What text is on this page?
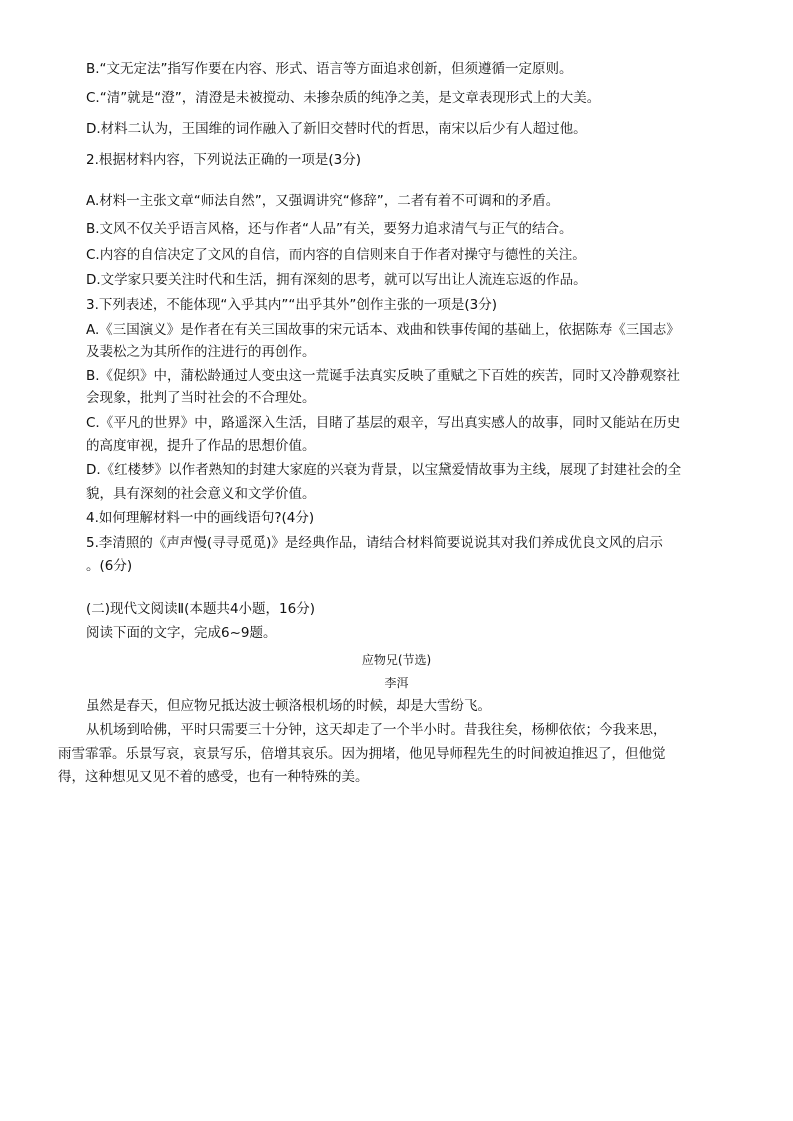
B.“文无定法”指写作要在内容、形式、语言等方面追求创新，但须遵循一定原则。
C.“清”就是“澄”，清澄是未被搅动、未掺杂质的纯净之美，是文章表现形式上的大美。
D.材料二认为，王国维的词作融入了新旧交替时代的哲思，南宋以后少有人超过他。
2.根据材料内容，下列说法正确的一项是(3分)
A.材料一主张文章“师法自然”，又强调讲究“修辞”，二者有着不可调和的矛盾。
B.文风不仅关乎语言风格，还与作者“人品”有关，要努力追求清气与正气的结合。
C.内容的自信决定了文风的自信，而内容的自信则来自于作者对操守与德性的关注。
D.文学家只要关注时代和生活，拥有深刻的思考，就可以写出让人流连忘返的作品。
3.下列表述，不能体现“入乎其内”“出乎其外”创作主张的一项是(3分)
A.《三国演义》是作者在有关三国故事的宋元话本、戏曲和铁事传闻的基础上，依据陈寿《三国志》
及裴松之为其所作的注进行的再创作。
B.《促织》中，蒲松龄通过人变虫这一荒诞手法真实反映了重赋之下百姓的疾苦，同时又冷静观察社
会现象，批判了当时社会的不合理处。
C.《平凡的世界》中，路遥深入生活，目睹了基层的艰辛，写出真实感人的故事，同时又能站在历史
的高度审视，提升了作品的思想价值。
D.《红楼梦》以作者熟知的封建大家庭的兴衰为背景，以宝黛爱情故事为主线，展现了封建社会的全
貌，具有深刻的社会意义和文学价值。
4.如何理解材料一中的画线语句?(4分)
5.李清照的《声声慢(寻寻觅觅)》是经典作品，请结合材料简要说说其对我们养成优良文风的启示
。(6分)
(二)现代文阅读Ⅱ(本题共4小题，16分)
阅读下面的文字，完成6~9题。
应物兄(节选)
李洱
虽然是春天，但应物兄抵达波士顿洛根机场的时候，却是大雪纷飞。
从机场到哈佛，平时只需要三十分钟，这天却走了一个半小时。昔我往矣，杨柳依依；今我来思，
雨雪霏霏。乐景写哀，哀景写乐，倍增其哀乐。因为拥堵，他见导师程先生的时间被迫推迟了，但他觉
得，这种想见又见不着的感受，也有一种特殊的美。
